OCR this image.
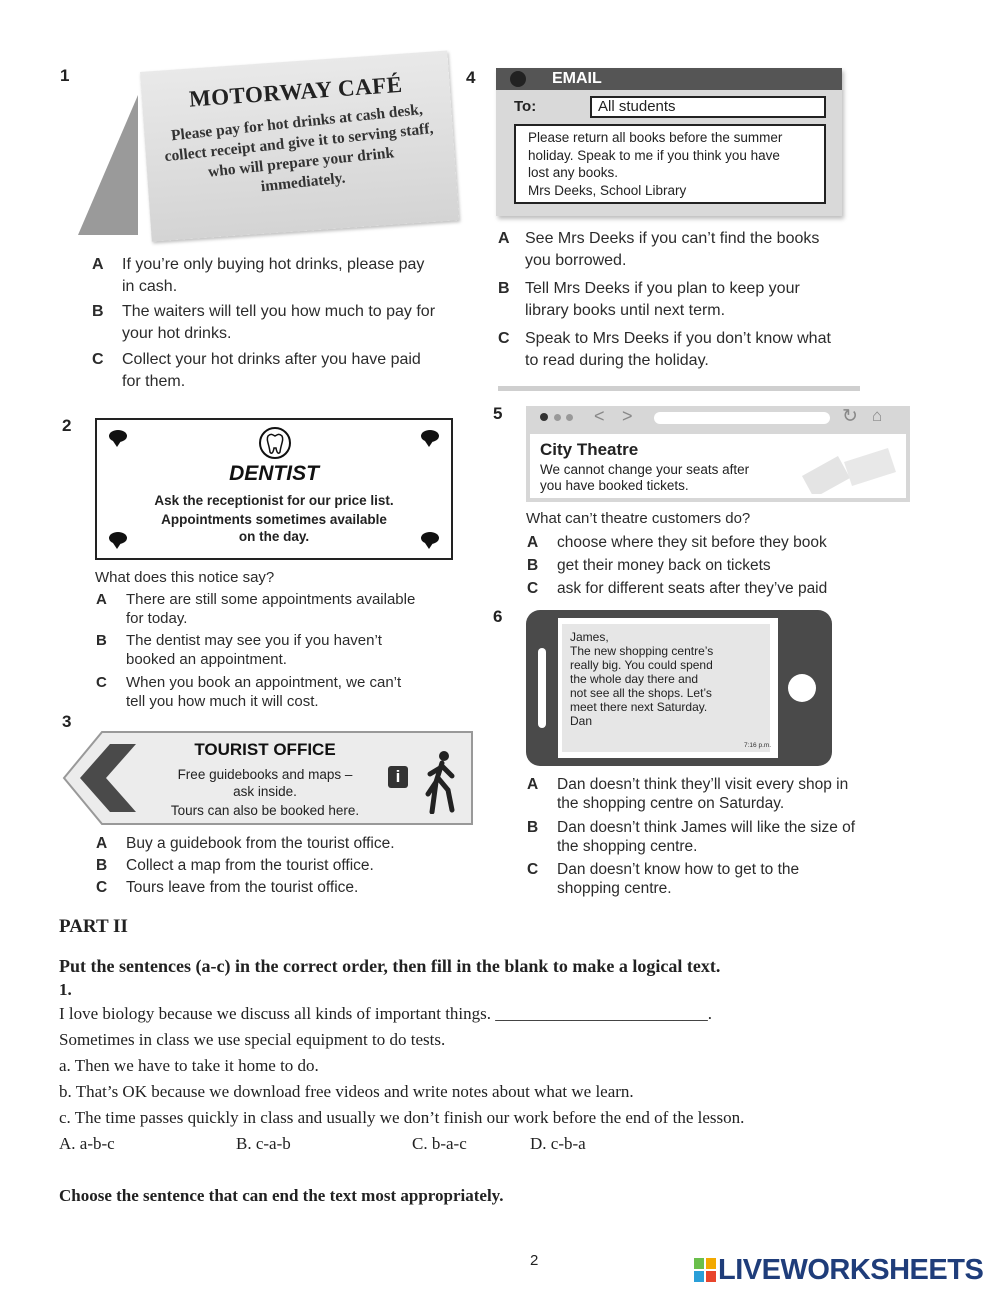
1	MOTORWAY CAFÉ
Please pay for hot drinks at cash desk, collect receipt and give it to serving staff, who will prepare your drink immediately.
A If you’re only buying hot drinks, please pay
in cash.
B The waiters will tell you how much to pay for
your hot drinks.
C Collect your hot drinks after you have paid
for them.
2
DENTIST
Ask the receptionist for our price list.
Appointments sometimes available
on the day.
What does this notice say?
A There are still some appointments available
for today.
B The dentist may see you if you haven’t
booked an appointment.
C When you book an appointment, we can’t
tell you how much it will cost.
3
TOURIST OFFICE
Free guidebooks and maps –
ask inside.
Tours can also be booked here.
i
A Buy a guidebook from the tourist office.
B Collect a map from the tourist office.
C Tours leave from the tourist office.
4	EMAIL
To:	All students
Please return all books before the summer
holiday. Speak to me if you think you have
lost any books.
Mrs Deeks, School Library
A See Mrs Deeks if you can’t find the books
you borrowed.
B Tell Mrs Deeks if you plan to keep your
library books until next term.
C Speak to Mrs Deeks if you don’t know what
to read during the holiday.
5	< >	↻ ⌂
City Theatre
We cannot change your seats after
you have booked tickets.
What can’t theatre customers do?
A choose where they sit before they book
B get their money back on tickets
C ask for different seats after they’ve paid
6
James,
The new shopping centre’s
really big. You could spend
the whole day there and
not see all the shops. Let’s
meet there next Saturday.
Dan
7:16 p.m.
A Dan doesn’t think they’ll visit every shop in
the shopping centre on Saturday.
B Dan doesn’t think James will like the size of
the shopping centre.
C Dan doesn’t know how to get to the
shopping centre.
PART II
Put the sentences (a-c) in the correct order, then fill in the blank to make a logical text.
1.
I love biology because we discuss all kinds of important things. _________________________.
Sometimes in class we use special equipment to do tests.
a. Then we have to take it home to do.
b. That’s OK because we download free videos and write notes about what we learn.
c. The time passes quickly in class and usually we don’t finish our work before the end of the lesson.
A. a-b-c	B. c-a-b	C. b-a-c	D. c-b-a
Choose the sentence that can end the text most appropriately.
2	LIVEWORKSHEETS
